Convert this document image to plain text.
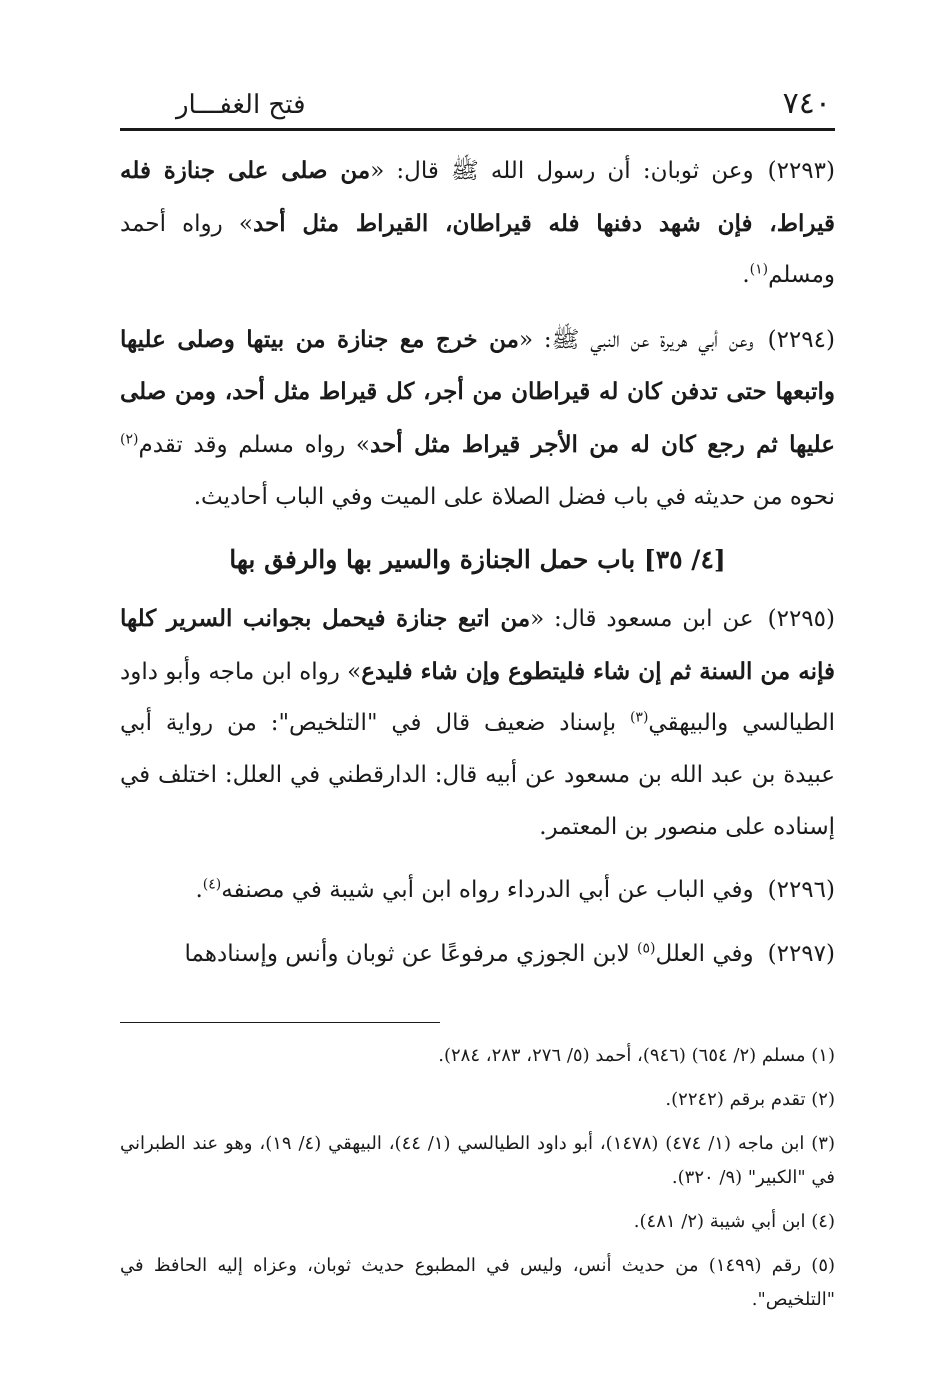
٧٤٠
فتح الغفـــار

(٢٢٩٣)وعن ثوبان: أن رسول الله ﷺ قال: «من صلى على جنازة فله قيراط، فإن شهد دفنها فله قيراطان، القيراط مثل أحد» رواه أحمد ومسلم$^{(١)}$.

(٢٢٩٤)وعن أبي هريرة عن النبي ﷺ: «من خرج مع جنازة من بيتها وصلى عليها واتبعها حتى تدفن كان له قيراطان من أجر، كل قيراط مثل أحد، ومن صلى عليها ثم رجع كان له من الأجر قيراط مثل أحد» رواه مسلم وقد تقدم$^{(٢)}$ نحوه من حديثه في باب فضل الصلاة على الميت وفي الباب أحاديث.

[٤/ ٣٥] باب حمل الجنازة والسير بها والرفق بها

(٢٢٩٥)عن ابن مسعود قال: «من اتبع جنازة فيحمل بجوانب السرير كلها فإنه من السنة ثم إن شاء فليتطوع وإن شاء فليدع» رواه ابن ماجه وأبو داود الطيالسي والبيهقي$^{(٣)}$ بإسناد ضعيف قال في "التلخيص": من رواية أبي عبيدة بن عبد الله بن مسعود عن أبيه قال: الدارقطني في العلل: اختلف في إسناده على منصور بن المعتمر.

(٢٢٩٦)وفي الباب عن أبي الدرداء رواه ابن أبي شيبة في مصنفه$^{(٤)}$.

(٢٢٩٧)وفي العلل$^{(٥)}$ لابن الجوزي مرفوعًا عن ثوبان وأنس وإسنادهما

(١) مسلم (٢/ ٦٥٤) (٩٤٦)، أحمد (٥/ ٢٧٦، ٢٨٣، ٢٨٤).

(٢) تقدم برقم (٢٢٤٢).

(٣) ابن ماجه (١/ ٤٧٤) (١٤٧٨)، أبو داود الطيالسي (١/ ٤٤)، البيهقي (٤/ ١٩)، وهو عند الطبراني في "الكبير" (٩/ ٣٢٠).

(٤) ابن أبي شيبة (٢/ ٤٨١).

(٥) رقم (١٤٩٩) من حديث أنس، وليس في المطبوع حديث ثوبان، وعزاه إليه الحافظ في "التلخيص".
